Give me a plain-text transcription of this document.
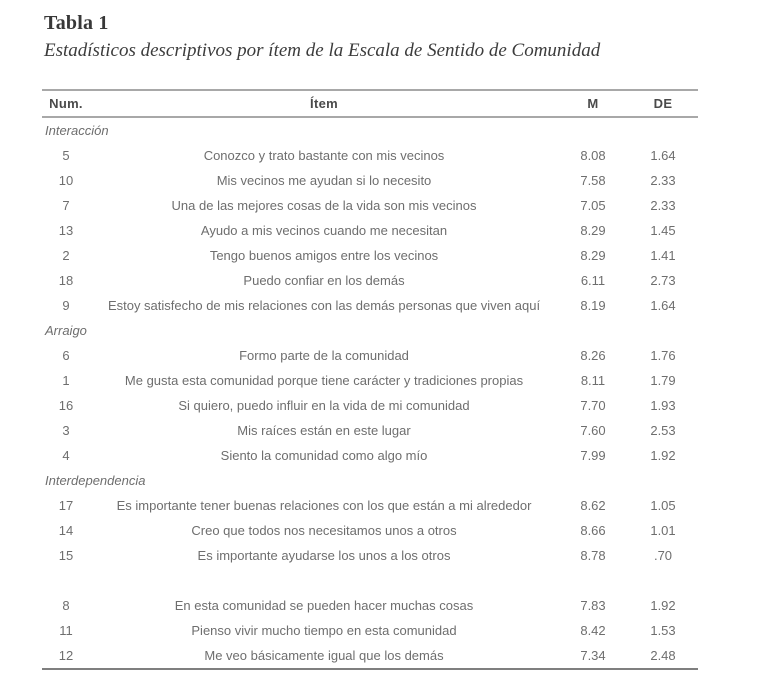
Tabla 1
Estadísticos descriptivos por ítem de la Escala de Sentido de Comunidad
Num.	Ítem	M	DE
Interacción			
5	Conozco y trato bastante con mis vecinos	8.08	1.64
10	Mis vecinos me ayudan si lo necesito	7.58	2.33
7	Una de las mejores cosas de la vida son mis vecinos	7.05	2.33
13	Ayudo a mis vecinos cuando me necesitan	8.29	1.45
2	Tengo buenos amigos entre los vecinos	8.29	1.41
18	Puedo confiar en los demás	6.11	2.73
9	Estoy satisfecho de mis relaciones con las demás personas que viven aquí	8.19	1.64
Arraigo			
6	Formo parte de la comunidad	8.26	1.76
1	Me gusta esta comunidad porque tiene carácter y tradiciones propias	8.11	1.79
16	Si quiero, puedo influir en la vida de mi comunidad	7.70	1.93
3	Mis raíces están en este lugar	7.60	2.53
4	Siento la comunidad como algo mío	7.99	1.92
Interdependencia			
17	Es importante tener buenas relaciones con los que están a mi alrededor	8.62	1.05
14	Creo que todos nos necesitamos unos a otros	8.66	1.01
15	Es importante ayudarse los unos a los otros	8.78	.70

8	En esta comunidad se pueden hacer muchas cosas	7.83	1.92
11	Pienso vivir mucho tiempo en esta comunidad	8.42	1.53
12	Me veo básicamente igual que los demás	7.34	2.48
